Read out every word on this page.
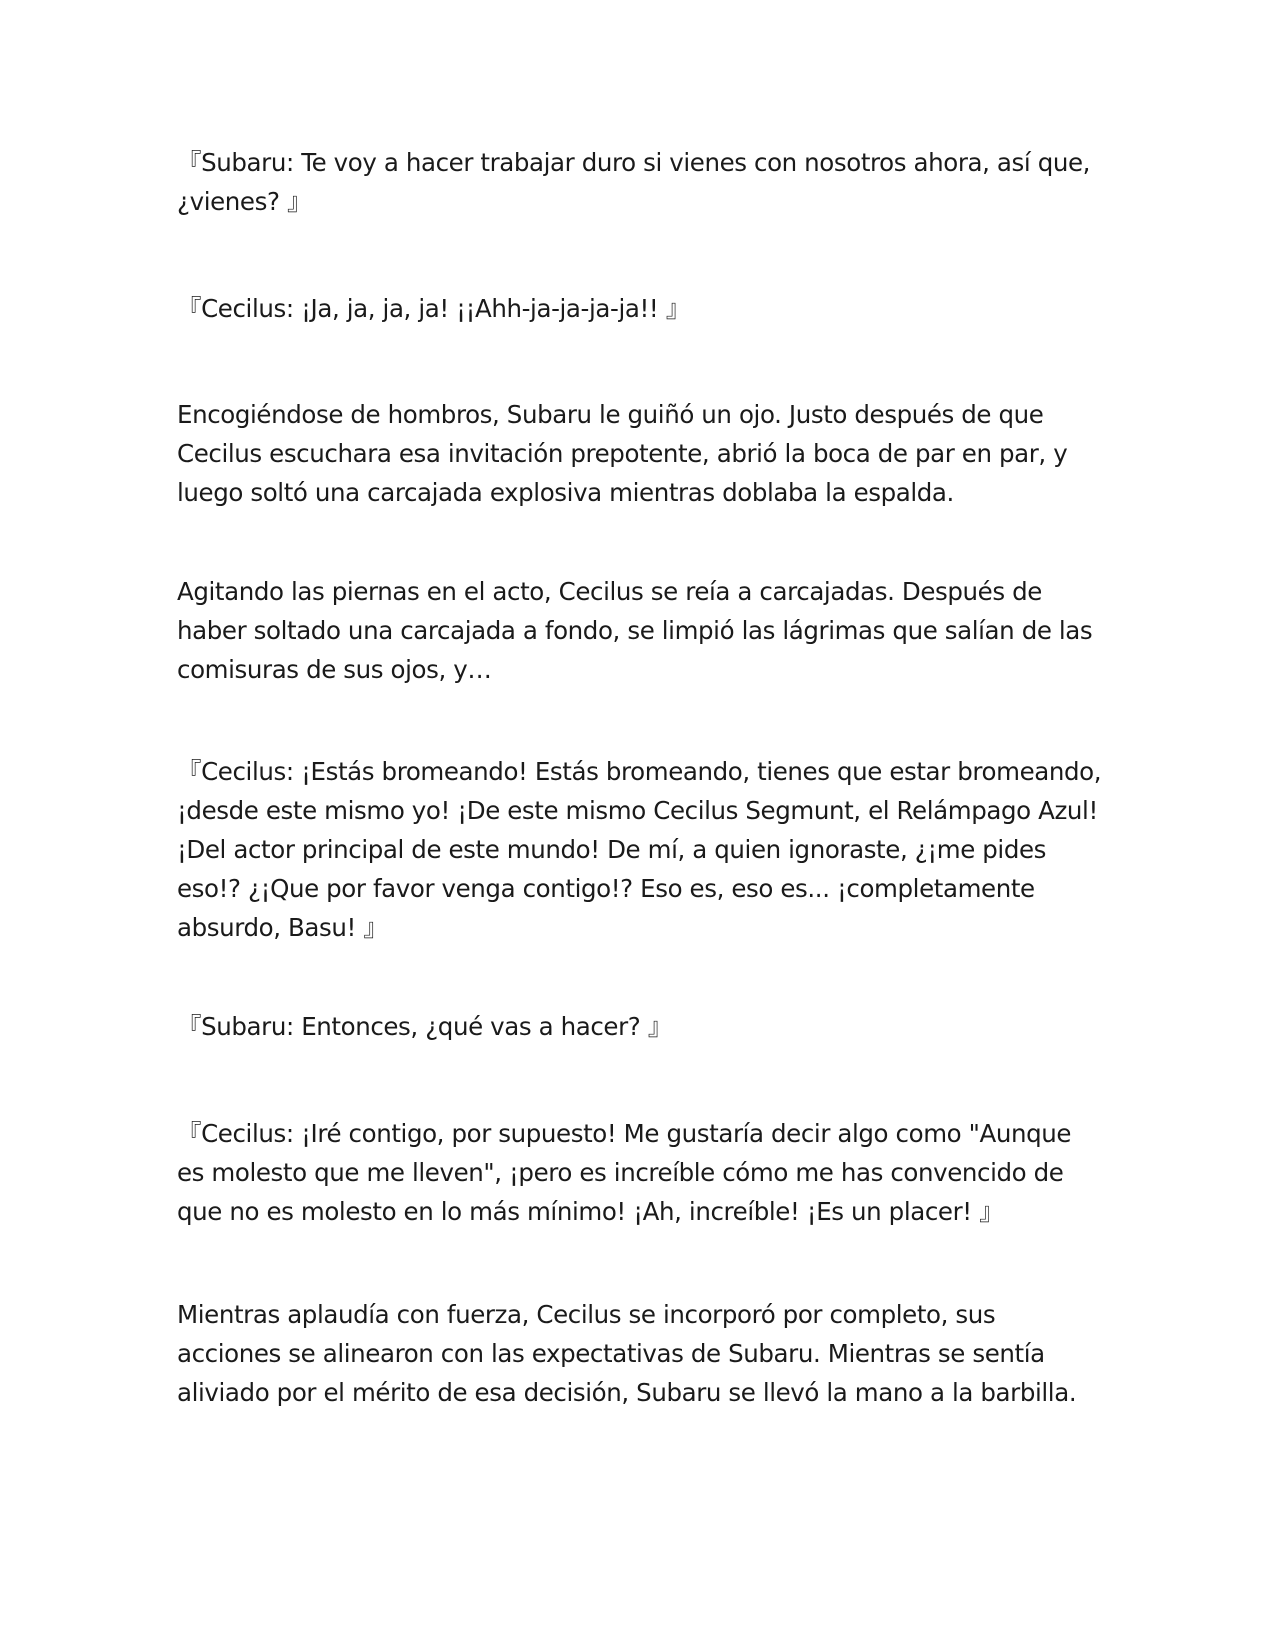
『Subaru: Te voy a hacer trabajar duro si vienes con nosotros ahora, así que, ¿vienes? 』

『Cecilus: ¡Ja, ja, ja, ja! ¡¡Ahh-ja-ja-ja-ja!! 』

Encogiéndose de hombros, Subaru le guiñó un ojo. Justo después de que Cecilus escuchara esa invitación prepotente, abrió la boca de par en par, y luego soltó una carcajada explosiva mientras doblaba la espalda.

Agitando las piernas en el acto, Cecilus se reía a carcajadas. Después de haber soltado una carcajada a fondo, se limpió las lágrimas que salían de las comisuras de sus ojos, y…

『Cecilus: ¡Estás bromeando! Estás bromeando, tienes que estar bromeando, ¡desde este mismo yo! ¡De este mismo Cecilus Segmunt, el Relámpago Azul! ¡Del actor principal de este mundo! De mí, a quien ignoraste, ¿¡me pides eso!? ¿¡Que por favor venga contigo!? Eso es, eso es... ¡completamente absurdo, Basu! 』

『Subaru: Entonces, ¿qué vas a hacer? 』

『Cecilus: ¡Iré contigo, por supuesto! Me gustaría decir algo como "Aunque es molesto que me lleven", ¡pero es increíble cómo me has convencido de que no es molesto en lo más mínimo! ¡Ah, increíble! ¡Es un placer! 』

Mientras aplaudía con fuerza, Cecilus se incorporó por completo, sus acciones se alinearon con las expectativas de Subaru. Mientras se sentía aliviado por el mérito de esa decisión, Subaru se llevó la mano a la barbilla.
